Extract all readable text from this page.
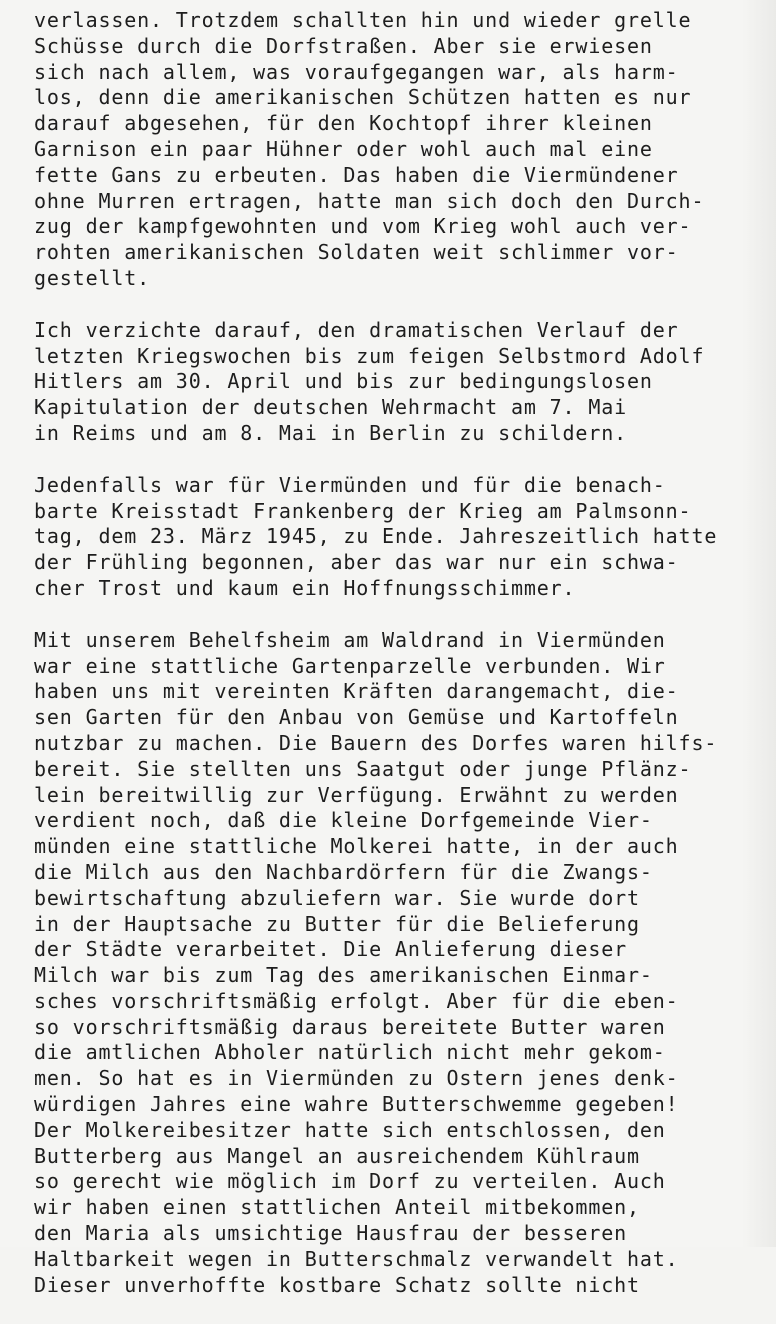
verlassen. Trotzdem schallten hin und wieder grelle
Schüsse durch die Dorfstraßen. Aber sie erwiesen
sich nach allem, was voraufgegangen war, als harm-
los, denn die amerikanischen Schützen hatten es nur
darauf abgesehen, für den Kochtopf ihrer kleinen
Garnison ein paar Hühner oder wohl auch mal eine
fette Gans zu erbeuten. Das haben die Viermündener
ohne Murren ertragen, hatte man sich doch den Durch-
zug der kampfgewohnten und vom Krieg wohl auch ver-
rohten amerikanischen Soldaten weit schlimmer vor-
gestellt.
Ich verzichte darauf, den dramatischen Verlauf der
letzten Kriegswochen bis zum feigen Selbstmord Adolf
Hitlers am 30. April und bis zur bedingungslosen
Kapitulation der deutschen Wehrmacht am 7. Mai
in Reims und am 8. Mai in Berlin zu schildern.
Jedenfalls war für Viermünden und für die benach-
barte Kreisstadt Frankenberg der Krieg am Palmsonn-
tag, dem 23. März 1945, zu Ende. Jahreszeitlich hatte
der Frühling begonnen, aber das war nur ein schwa-
cher Trost und kaum ein Hoffnungsschimmer.
Mit unserem Behelfsheim am Waldrand in Viermünden
war eine stattliche Gartenparzelle verbunden. Wir
haben uns mit vereinten Kräften darangemacht, die-
sen Garten für den Anbau von Gemüse und Kartoffeln
nutzbar zu machen. Die Bauern des Dorfes waren hilfs-
bereit. Sie stellten uns Saatgut oder junge Pflänz-
lein bereitwillig zur Verfügung. Erwähnt zu werden
verdient noch, daß die kleine Dorfgemeinde Vier-
münden eine stattliche Molkerei hatte, in der auch
die Milch aus den Nachbardörfern für die Zwangs-
bewirtschaftung abzuliefern war. Sie wurde dort
in der Hauptsache zu Butter für die Belieferung
der Städte verarbeitet. Die Anlieferung dieser
Milch war bis zum Tag des amerikanischen Einmar-
sches vorschriftsmäßig erfolgt. Aber für die eben-
so vorschriftsmäßig daraus bereitete Butter waren
die amtlichen Abholer natürlich nicht mehr gekom-
men. So hat es in Viermünden zu Ostern jenes denk-
würdigen Jahres eine wahre Butterschwemme gegeben!
Der Molkereibesitzer hatte sich entschlossen, den
Butterberg aus Mangel an ausreichendem Kühlraum
so gerecht wie möglich im Dorf zu verteilen. Auch
wir haben einen stattlichen Anteil mitbekommen,
den Maria als umsichtige Hausfrau der besseren
Haltbarkeit wegen in Butterschmalz verwandelt hat.
Dieser unverhoffte kostbare Schatz sollte nicht
